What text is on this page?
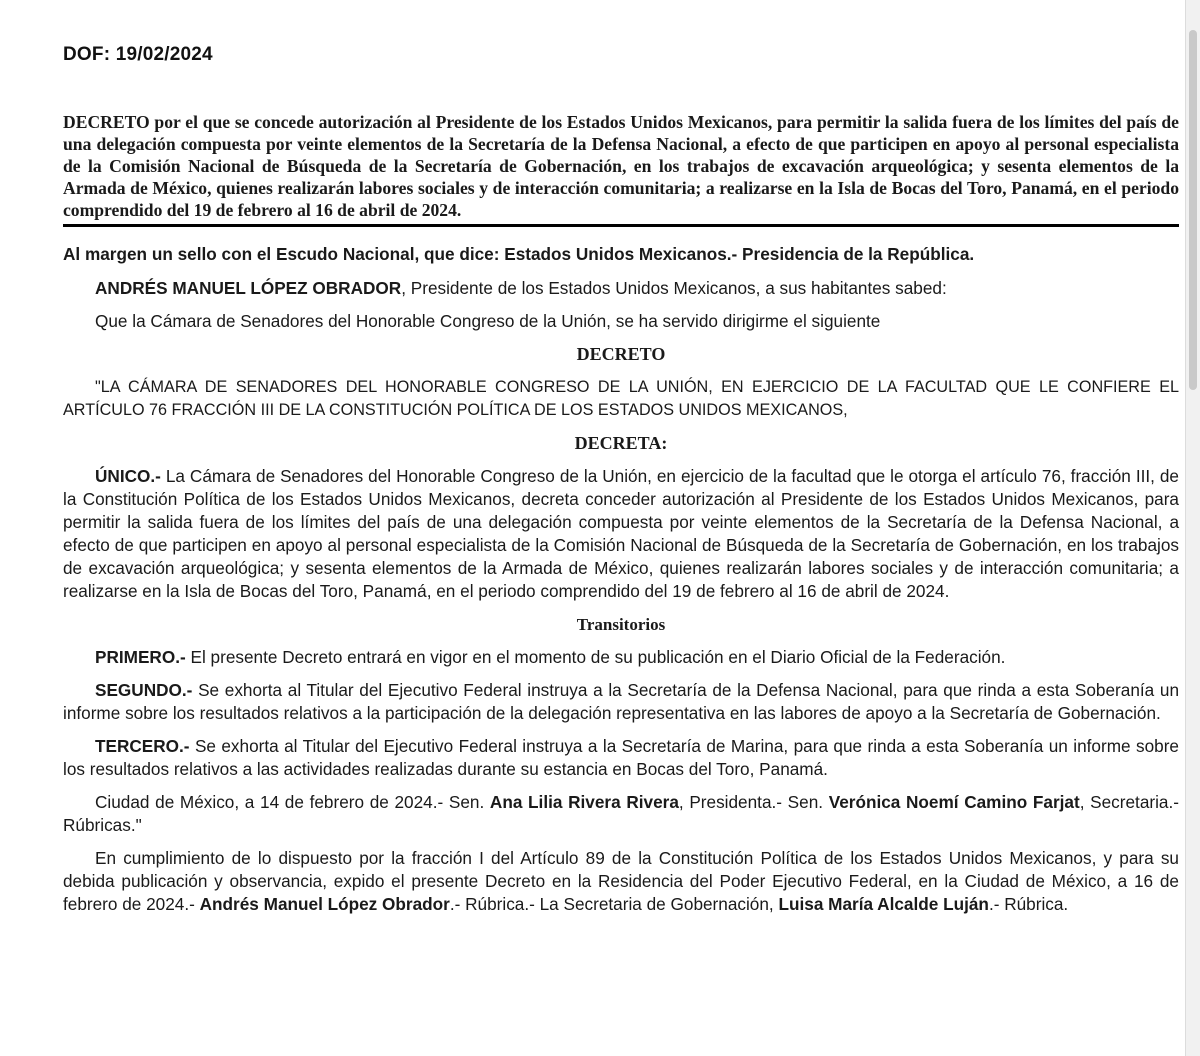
DOF: 19/02/2024
DECRETO por el que se concede autorización al Presidente de los Estados Unidos Mexicanos, para permitir la salida fuera de los límites del país de una delegación compuesta por veinte elementos de la Secretaría de la Defensa Nacional, a efecto de que participen en apoyo al personal especialista de la Comisión Nacional de Búsqueda de la Secretaría de Gobernación, en los trabajos de excavación arqueológica; y sesenta elementos de la Armada de México, quienes realizarán labores sociales y de interacción comunitaria; a realizarse en la Isla de Bocas del Toro, Panamá, en el periodo comprendido del 19 de febrero al 16 de abril de 2024.

Al margen un sello con el Escudo Nacional, que dice: Estados Unidos Mexicanos.- Presidencia de la República.

ANDRÉS MANUEL LÓPEZ OBRADOR, Presidente de los Estados Unidos Mexicanos, a sus habitantes sabed:

Que la Cámara de Senadores del Honorable Congreso de la Unión, se ha servido dirigirme el siguiente

DECRETO

"LA CÁMARA DE SENADORES DEL HONORABLE CONGRESO DE LA UNIÓN, EN EJERCICIO DE LA FACULTAD QUE LE CONFIERE EL ARTÍCULO 76 FRACCIÓN III DE LA CONSTITUCIÓN POLÍTICA DE LOS ESTADOS UNIDOS MEXICANOS,

DECRETA:

ÚNICO.- La Cámara de Senadores del Honorable Congreso de la Unión, en ejercicio de la facultad que le otorga el artículo 76, fracción III, de la Constitución Política de los Estados Unidos Mexicanos, decreta conceder autorización al Presidente de los Estados Unidos Mexicanos, para permitir la salida fuera de los límites del país de una delegación compuesta por veinte elementos de la Secretaría de la Defensa Nacional, a efecto de que participen en apoyo al personal especialista de la Comisión Nacional de Búsqueda de la Secretaría de Gobernación, en los trabajos de excavación arqueológica; y sesenta elementos de la Armada de México, quienes realizarán labores sociales y de interacción comunitaria; a realizarse en la Isla de Bocas del Toro, Panamá, en el periodo comprendido del 19 de febrero al 16 de abril de 2024.

Transitorios

PRIMERO.- El presente Decreto entrará en vigor en el momento de su publicación en el Diario Oficial de la Federación.

SEGUNDO.- Se exhorta al Titular del Ejecutivo Federal instruya a la Secretaría de la Defensa Nacional, para que rinda a esta Soberanía un informe sobre los resultados relativos a la participación de la delegación representativa en las labores de apoyo a la Secretaría de Gobernación.

TERCERO.- Se exhorta al Titular del Ejecutivo Federal instruya a la Secretaría de Marina, para que rinda a esta Soberanía un informe sobre los resultados relativos a las actividades realizadas durante su estancia en Bocas del Toro, Panamá.

Ciudad de México, a 14 de febrero de 2024.- Sen. Ana Lilia Rivera Rivera, Presidenta.- Sen. Verónica Noemí Camino Farjat, Secretaria.- Rúbricas."

En cumplimiento de lo dispuesto por la fracción I del Artículo 89 de la Constitución Política de los Estados Unidos Mexicanos, y para su debida publicación y observancia, expido el presente Decreto en la Residencia del Poder Ejecutivo Federal, en la Ciudad de México, a 16 de febrero de 2024.- Andrés Manuel López Obrador.- Rúbrica.- La Secretaria de Gobernación, Luisa María Alcalde Luján.- Rúbrica.
